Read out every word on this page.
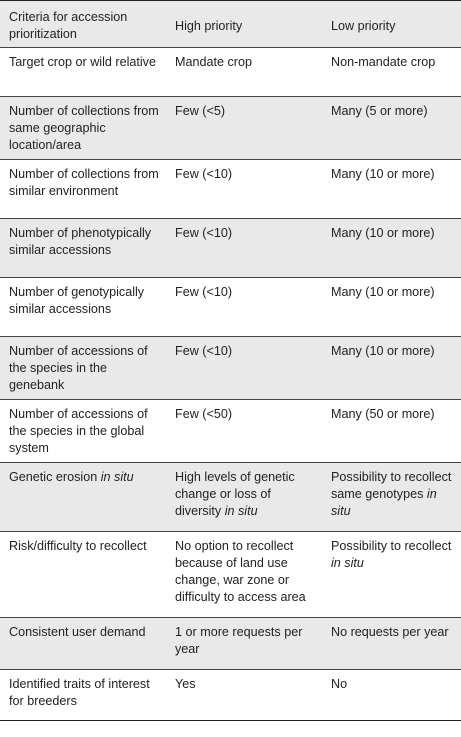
Criteria for accession prioritization	High priority	Low priority
Target crop or wild relative	Mandate crop	Non-mandate crop
Number of collections from same geographic location/area	Few (<5)	Many (5 or more)
Number of collections from similar environment	Few (<10)	Many (10 or more)
Number of phenotypically similar accessions	Few (<10)	Many (10 or more)
Number of genotypically similar accessions	Few (<10)	Many (10 or more)
Number of accessions of the species in the genebank	Few (<10)	Many (10 or more)
Number of accessions of the species in the global system	Few (<50)	Many (50 or more)
Genetic erosion in situ	High levels of genetic change or loss of diversity in situ	Possibility to recollect same genotypes in situ
Risk/difficulty to recollect	No option to recollect because of land use change, war zone or difficulty to access area	Possibility to recollect in situ
Consistent user demand	1 or more requests per year	No requests per year
Identified traits of interest for breeders	Yes	No
